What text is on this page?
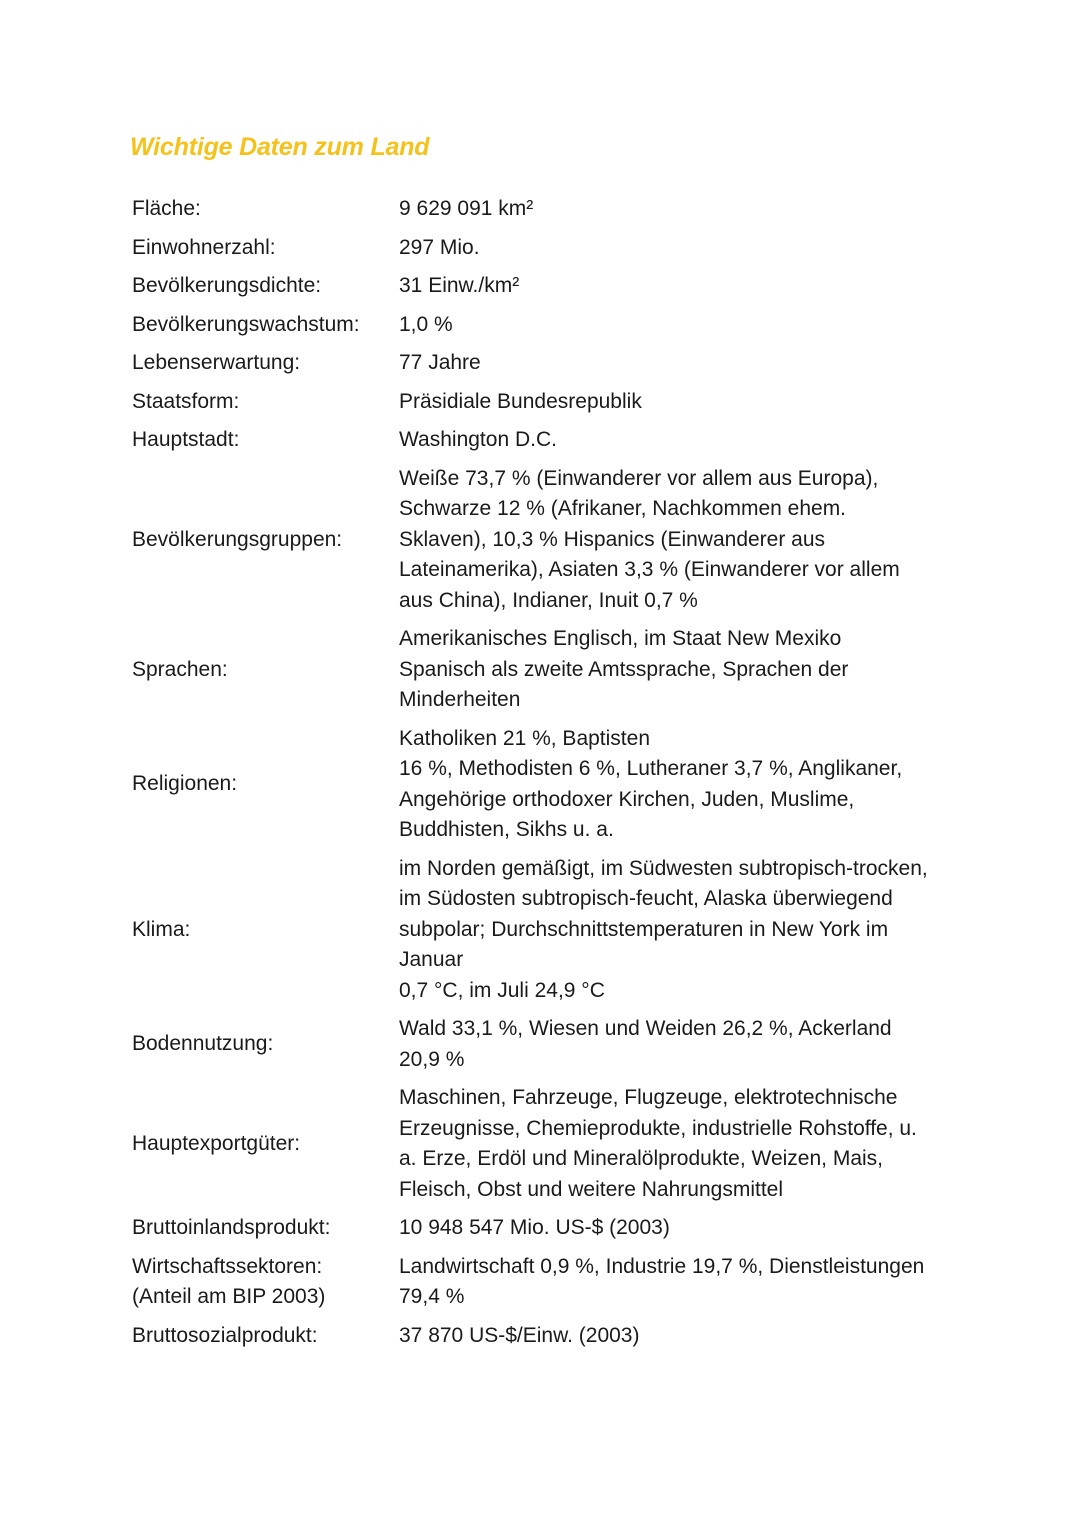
Wichtige Daten zum Land
Fläche:	9 629 091 km²

Einwohnerzahl:	297 Mio.

Bevölkerungsdichte:	31 Einw./km²

Bevölkerungswachstum:	1,0 %

Lebenserwartung:	77 Jahre

Staatsform:	Präsidiale Bundesrepublik

Hauptstadt:	Washington D.C.

Bevölkerungsgruppen:	Weiße 73,7 % (Einwanderer vor allem aus Europa),
Schwarze 12 % (Afrikaner, Nachkommen ehem.
Sklaven), 10,3 % Hispanics (Einwanderer aus
Lateinamerika), Asiaten 3,3 % (Einwanderer vor allem
aus China), Indianer, Inuit 0,7 %

Sprachen:	Amerikanisches Englisch, im Staat New Mexiko
Spanisch als zweite Amtssprache, Sprachen der
Minderheiten

Religionen:	Katholiken 21 %, Baptisten
16 %, Methodisten 6 %, Lutheraner 3,7 %, Anglikaner,
Angehörige orthodoxer Kirchen, Juden, Muslime,
Buddhisten, Sikhs u. a.

Klima:	im Norden gemäßigt, im Südwesten subtropisch-trocken,
im Südosten subtropisch-feucht, Alaska überwiegend
subpolar; Durchschnittstemperaturen in New York im
Januar
0,7 °C, im Juli 24,9 °C

Bodennutzung:	Wald 33,1 %, Wiesen und Weiden 26,2 %, Ackerland
20,9 %

Hauptexportgüter:	Maschinen, Fahrzeuge, Flugzeuge, elektrotechnische
Erzeugnisse, Chemieprodukte, industrielle Rohstoffe, u.
a. Erze, Erdöl und Mineralölprodukte, Weizen, Mais,
Fleisch, Obst und weitere Nahrungsmittel

Bruttoinlandsprodukt:	10 948 547 Mio. US-$ (2003)

Wirtschaftssektoren:
(Anteil am BIP 2003)	Landwirtschaft 0,9 %, Industrie 19,7 %, Dienstleistungen
79,4 %

Bruttosozialprodukt:	37 870 US-$/Einw. (2003)
